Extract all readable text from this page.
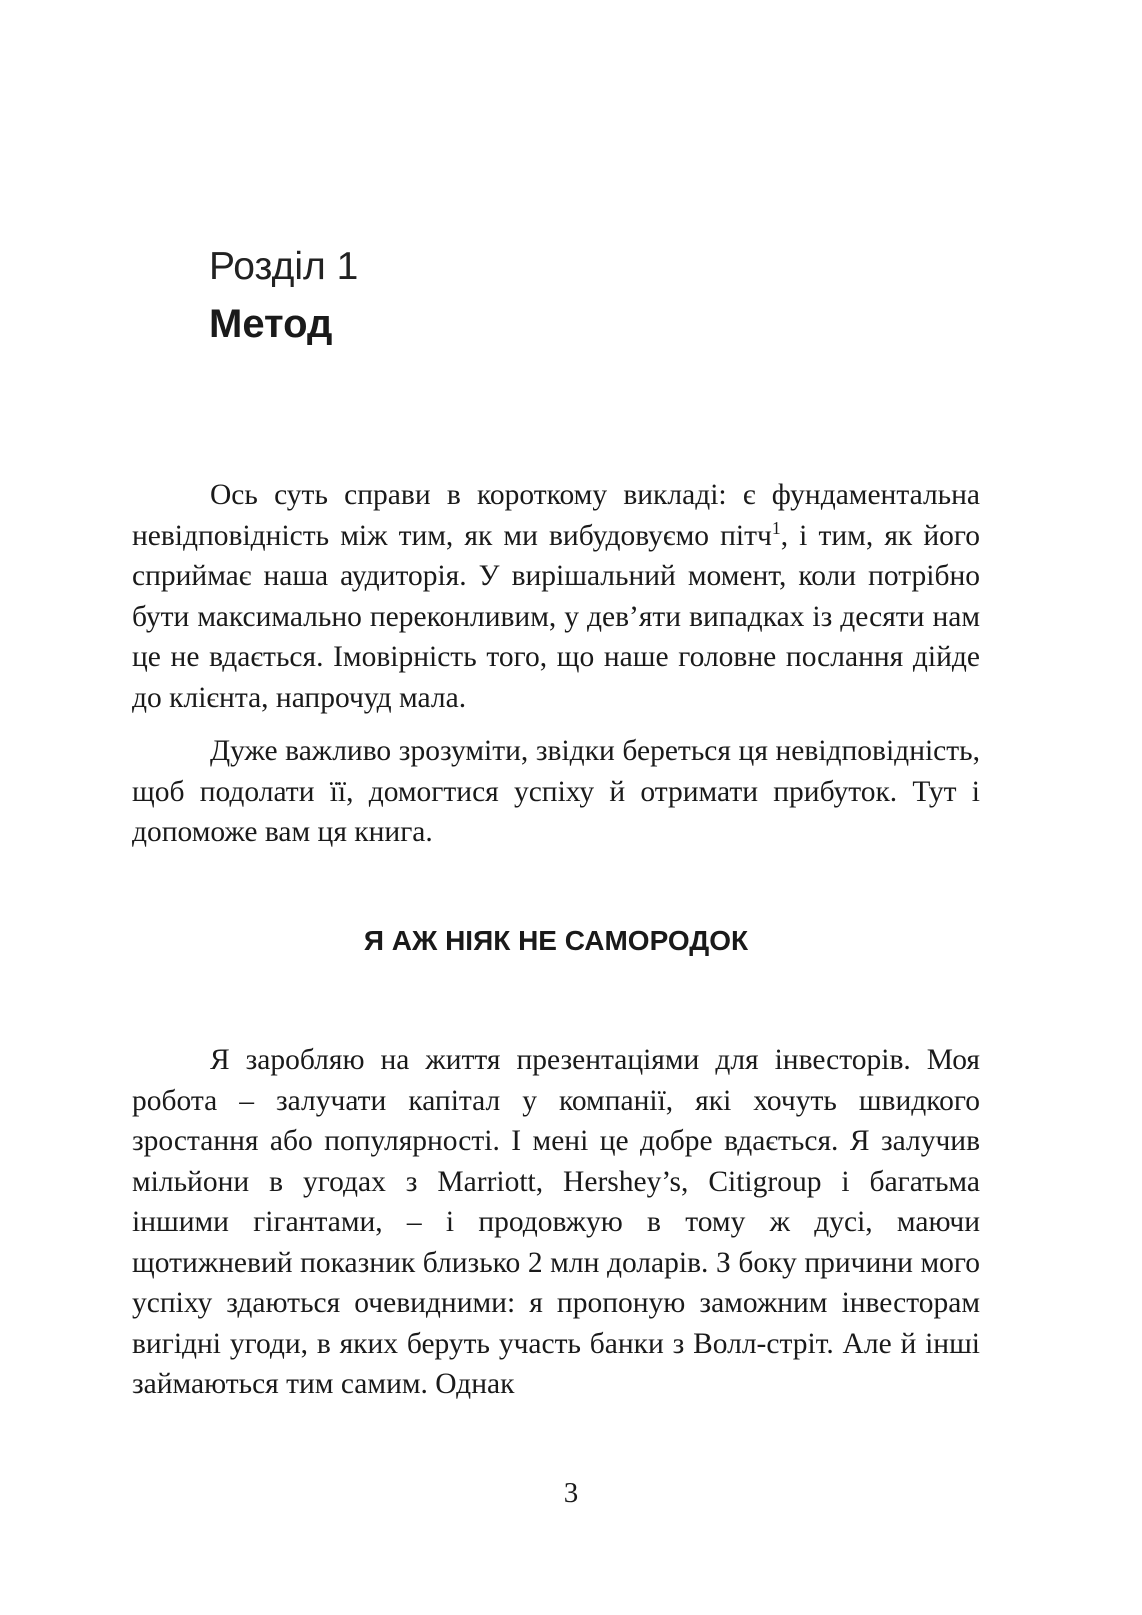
Розділ 1
Метод

Ось суть справи в короткому викладі: є фундаментальна невідповідність між тим, як ми вибудовуємо пітч$^1$, і тим, як його сприймає наша аудиторія. У вирішальний момент, коли потрібно бути максимально переконливим, у дев’яти випадках із десяти нам це не вдається. Імовірність того, що наше головне послання дійде до клієнта, напрочуд мала.

Дуже важливо зрозуміти, звідки береться ця невідповідність, щоб подолати її, домогтися успіху й отримати прибуток. Тут і допоможе вам ця книга.

Я АЖ НІЯК НЕ САМОРОДОК

Я заробляю на життя презентаціями для інвесторів. Моя робота – залучати капітал у компанії, які хочуть швидкого зростання або популярності. І мені це добре вдається. Я залучив мільйони в угодах з Marriott, Hershey’s, Citigroup і багатьма іншими гігантами, – і продовжую в тому ж дусі, маючи щотижневий показник близько 2 млн доларів. З боку причини мого успіху здаються очевидними: я пропоную заможним інвесторам вигідні угоди, в яких беруть участь банки з Волл-стріт. Але й інші займаються тим самим. Однак

3
